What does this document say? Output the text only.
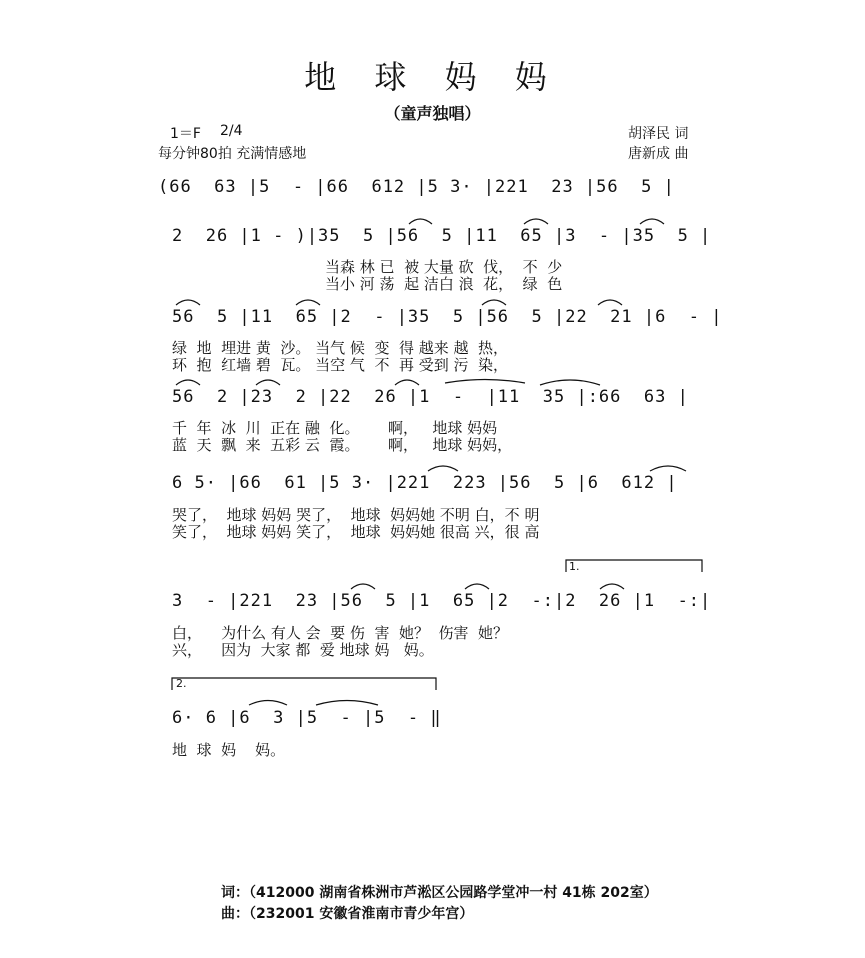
地 球 妈 妈
（童声独唱）
1＝F 2/4
每分钟80拍 充满情感地
胡泽民 词
唐新成 曲
(66  63 |5  - |66  612 |5 3· |221  23 |56  5 |
2  26 |1 - )|35  5 |56  5 |11  65 |3  - |35  5 |
当森 林 已  被 大量 砍  伐，  不  少
当小 河 荡  起 洁白 浪  花，  绿  色
56  5 |11  65 |2  - |35  5 |56  5 |22  21 |6  - |
绿  地  埋进 黄  沙。 当气 候  变  得 越来 越  热，
环  抱  红墙 碧  瓦。 当空 气  不  再 受到 污  染，
56  2 |23  2 |22  26 |1  -  |11  35 |:66  63 |
千  年  冰  川  正在 融  化。      啊，   地球 妈妈
蓝  天  飘  来  五彩 云  霞。      啊，   地球 妈妈，
6 5· |66  61 |5 3· |221  223 |56  5 |6  612 |
哭了，  地球 妈妈 哭了，  地球  妈妈她 不明 白，不 明
笑了，  地球 妈妈 笑了，  地球  妈妈她 很高 兴，很 高
1.
3  - |221  23 |56  5 |1  65 |2  -:|2  26 |1  -:|
白，    为什么 有人 会  要 伤  害  她？  伤害  她？
兴，    因为  大家 都  爱 地球 妈   妈。
2.
6· 6 |6  3 |5  - |5  - ‖
地  球  妈    妈。
词：（412000 湖南省株洲市芦淞区公园路学堂冲一村 41栋 202室）
曲：（232001 安徽省淮南市青少年宫）
